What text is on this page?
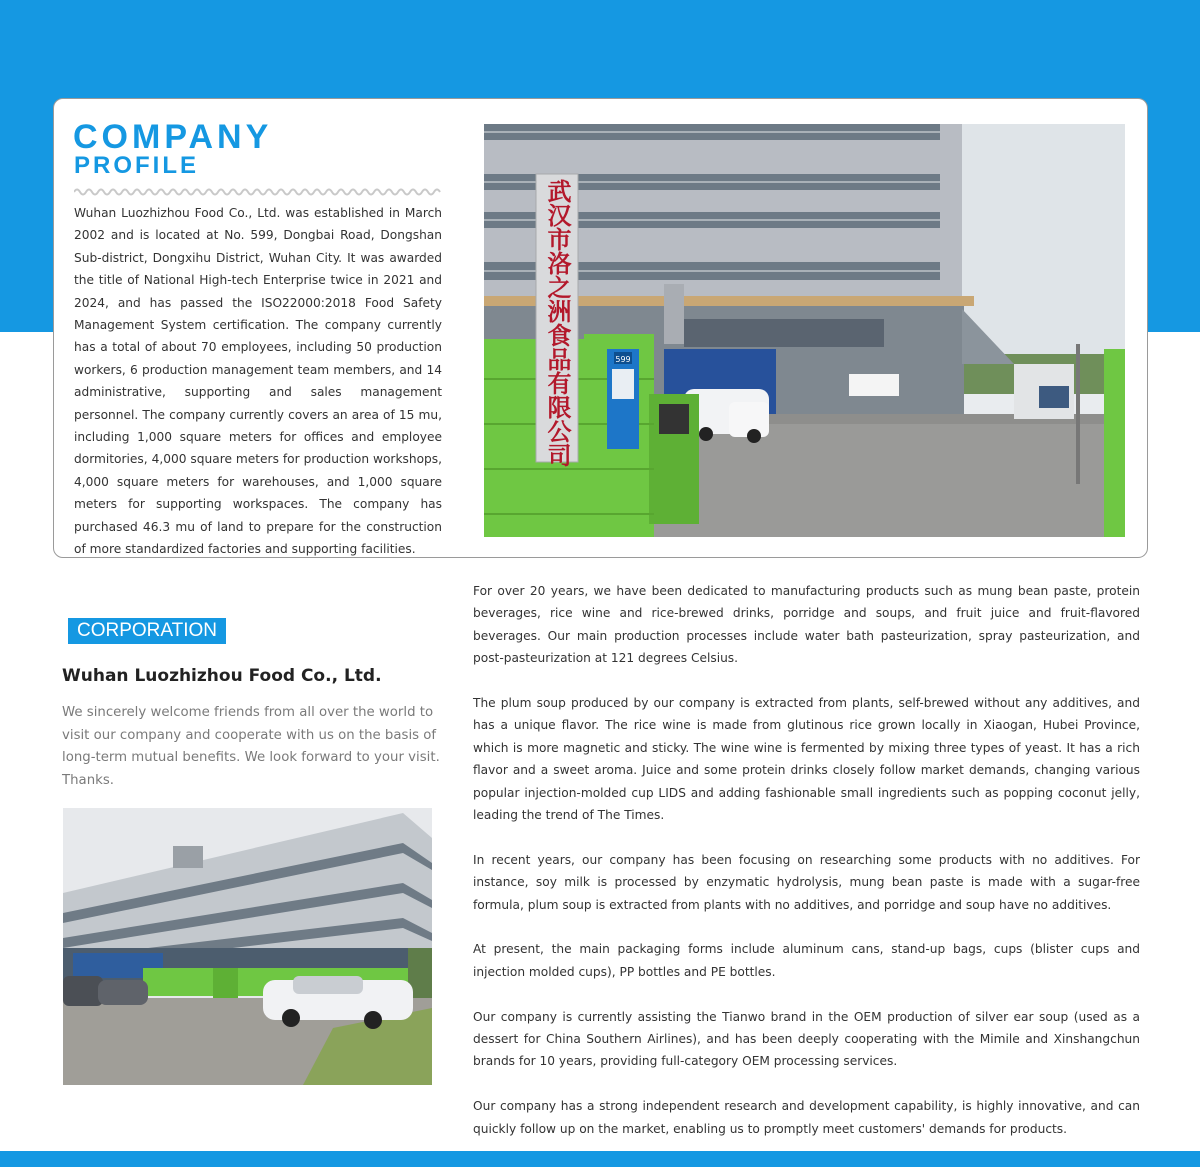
COMPANY
PROFILE

Wuhan Luozhizhou Food Co., Ltd. was established in March 2002 and is located at No. 599, Dongbai Road, Dongshan Sub-district, Dongxihu District, Wuhan City. It was awarded the title of National High-tech Enterprise twice in 2021 and 2024, and has passed the ISO22000:2018 Food Safety Management System certification. The company currently has a total of about 70 employees, including 50 production workers, 6 production management team members, and 14 administrative, supporting and sales management personnel. The company currently covers an area of 15 mu, including 1,000 square meters for offices and employee dormitories, 4,000 square meters for production workshops, 4,000 square meters for warehouses, and 1,000 square meters for supporting workspaces. The company has purchased 46.3 mu of land to prepare for the construction of more standardized factories and supporting facilities.

武汉市洛之洲食品有限公司	599
CORPORATION
Wuhan Luozhizhou Food Co., Ltd.

We sincerely welcome friends from all over the world to visit our company and cooperate with us on the basis of long-term mutual benefits. We look forward to your visit. Thanks.

For over 20 years, we have been dedicated to manufacturing products such as mung bean paste, protein beverages, rice wine and rice-brewed drinks, porridge and soups, and fruit juice and fruit-flavored beverages. Our main production processes include water bath pasteurization, spray pasteurization, and post-pasteurization at 121 degrees Celsius.

The plum soup produced by our company is extracted from plants, self-brewed without any additives, and has a unique flavor. The rice wine is made from glutinous rice grown locally in Xiaogan, Hubei Province, which is more magnetic and sticky. The wine wine is fermented by mixing three types of yeast. It has a rich flavor and a sweet aroma. Juice and some protein drinks closely follow market demands, changing various popular injection-molded cup LIDS and adding fashionable small ingredients such as popping coconut jelly, leading the trend of The Times.

In recent years, our company has been focusing on researching some products with no additives. For instance, soy milk is processed by enzymatic hydrolysis, mung bean paste is made with a sugar-free formula, plum soup is extracted from plants with no additives, and porridge and soup have no additives.

At present, the main packaging forms include aluminum cans, stand-up bags, cups (blister cups and injection molded cups), PP bottles and PE bottles.

Our company is currently assisting the Tianwo brand in the OEM production of silver ear soup (used as a dessert for China Southern Airlines), and has been deeply cooperating with the Mimile and Xinshangchun brands for 10 years, providing full-category OEM processing services.

Our company has a strong independent research and development capability, is highly innovative, and can quickly follow up on the market, enabling us to promptly meet customers' demands for products.
